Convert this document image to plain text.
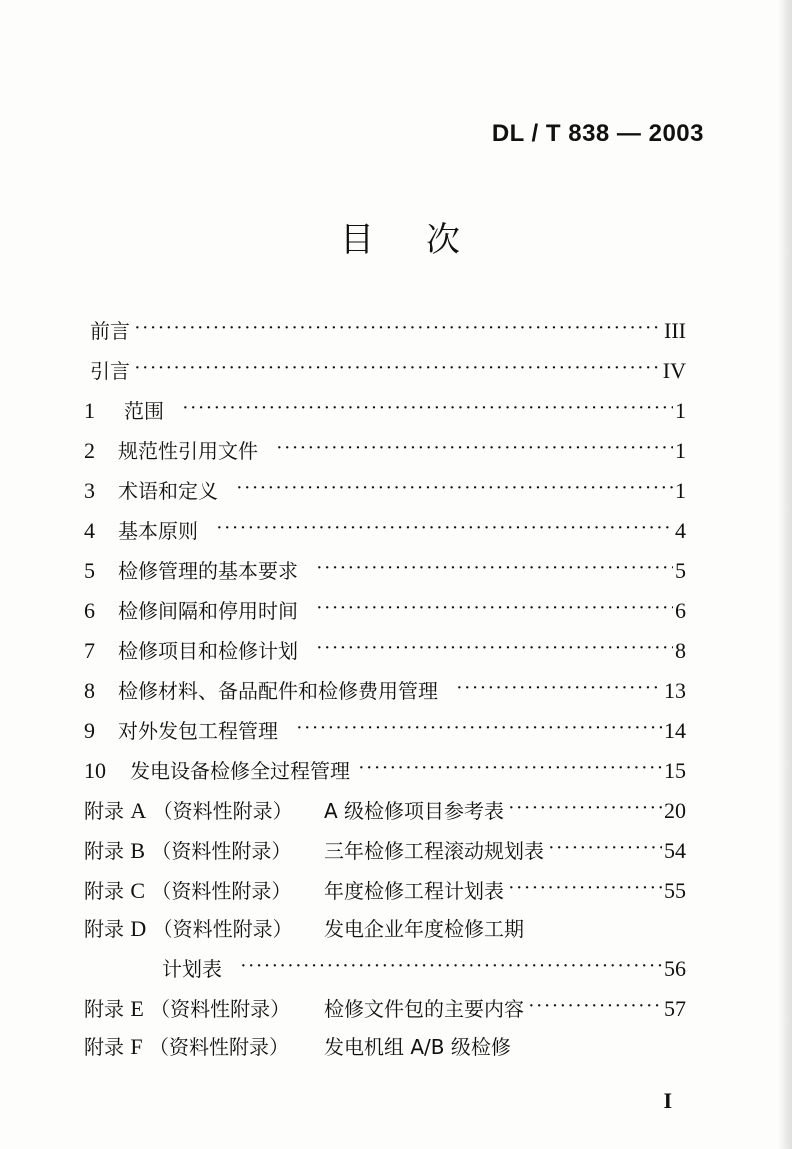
DL / T 838 — 2003
目次
前言 ·····	III
引言 ·····	IV
1	范围 ·····	1
2	规范性引用文件 ·····	1
3	术语和定义 ·····	1
4	基本原则 ·····	4
5	检修管理的基本要求 ·····	5
6	检修间隔和停用时间 ·····	6
7	检修项目和检修计划 ·····	8
8	检修材料、备品配件和检修费用管理 ·····	13
9	对外发包工程管理 ·····	14
10	发电设备检修全过程管理 ·····	15
附录 A （资料性附录）	A 级检修项目参考表 ·····	20
附录 B （资料性附录）	三年检修工程滚动规划表 ·····	54
附录 C （资料性附录）	年度检修工程计划表 ·····	55
附录 D （资料性附录）	发电企业年度检修工期
计划表 ·····	56
附录 E （资料性附录）	检修文件包的主要内容 ·····	57
附录 F （资料性附录）	发电机组 A/B 级检修
I
